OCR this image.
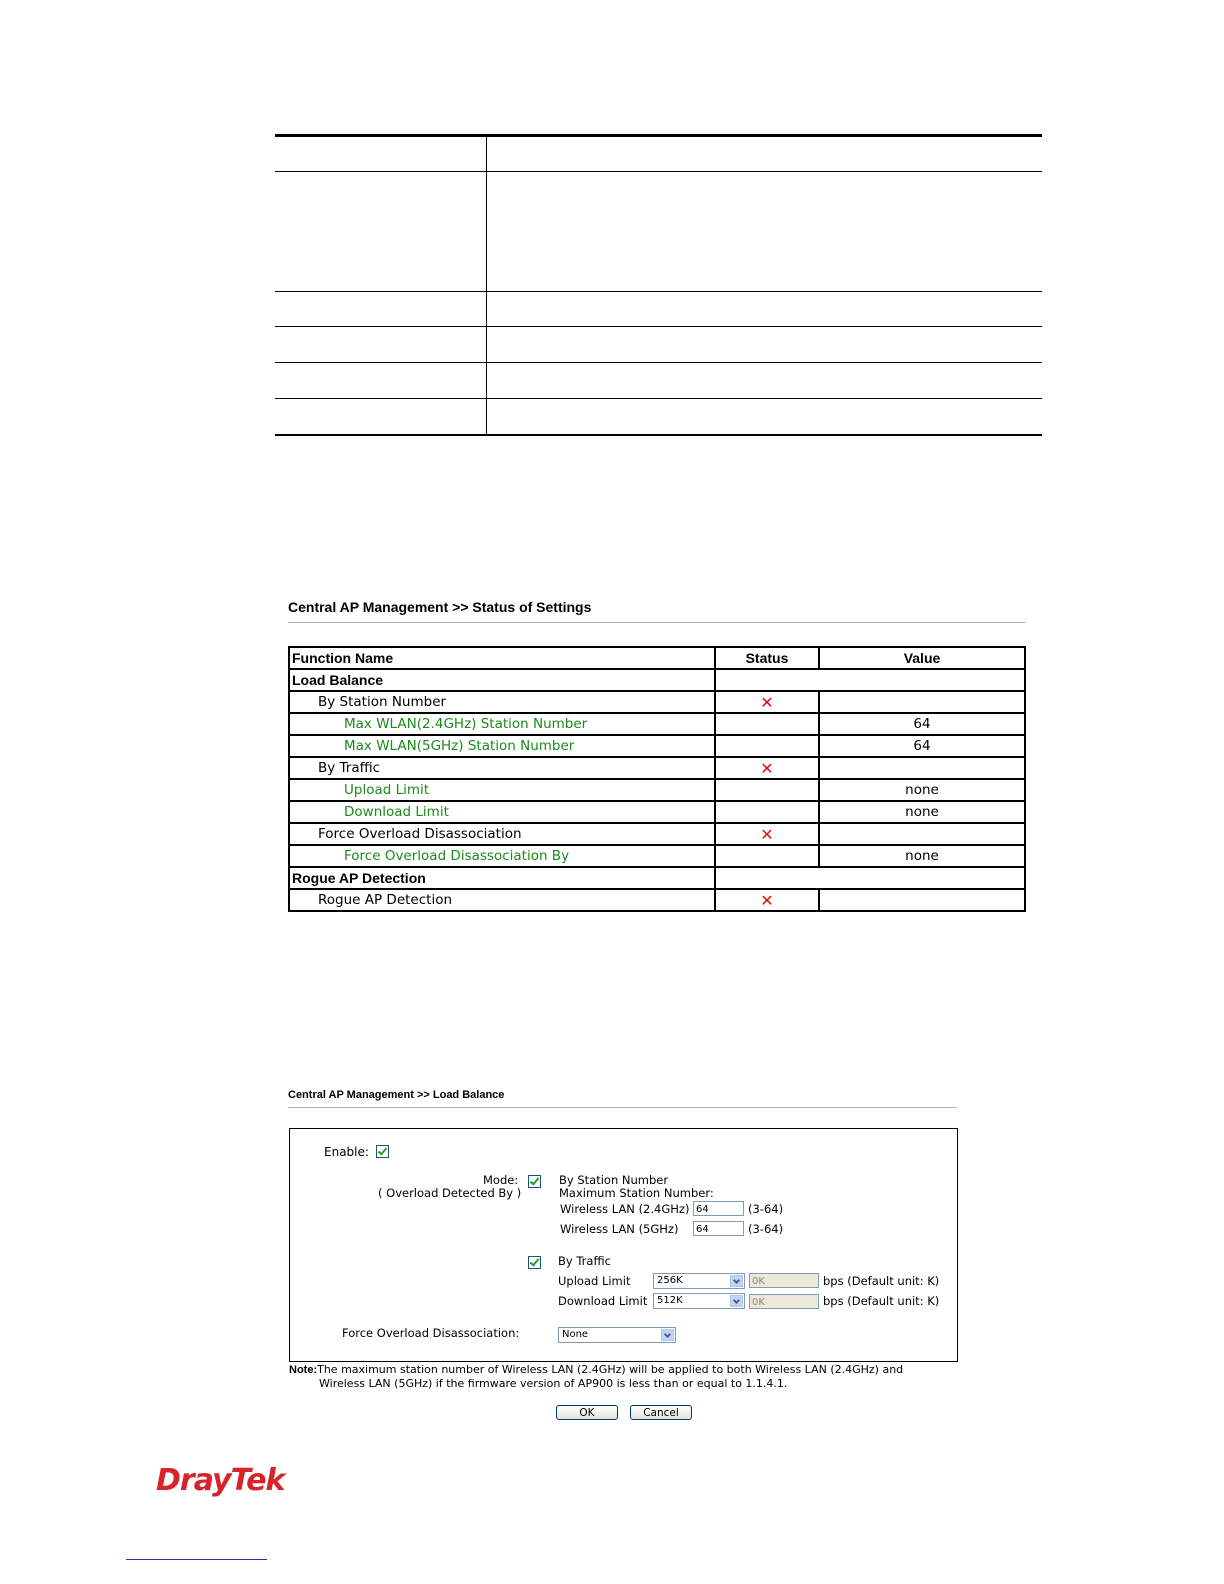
Central AP Management >> Status of Settings
Function Name	Status	Value
Load Balance		
By Station Number	✕	
Max WLAN(2.4GHz) Station Number		64
Max WLAN(5GHz) Station Number		64
By Traffic	✕	
Upload Limit		none
Download Limit		none
Force Overload Disassociation	✕	
Force Overload Disassociation By		none
Rogue AP Detection		
Rogue AP Detection	✕	
Central AP Management >> Load Balance
Enable:
Mode:
( Overload Detected By )
By Station Number
Maximum Station Number:
Wireless LAN (2.4GHz) 64	(3-64)
Wireless LAN (5GHz)	64	(3-64)
By Traffic
Upload Limit	256K	0K	bps (Default unit: K)
Download Limit 512K	0K	bps (Default unit: K)
Force Overload Disassociation:	None
Note:The maximum station number of Wireless LAN (2.4GHz) will be applied to both Wireless LAN (2.4GHz) and
Wireless LAN (5GHz) if the firmware version of AP900 is less than or equal to 1.1.4.1.
OK	Cancel
DrayTek
